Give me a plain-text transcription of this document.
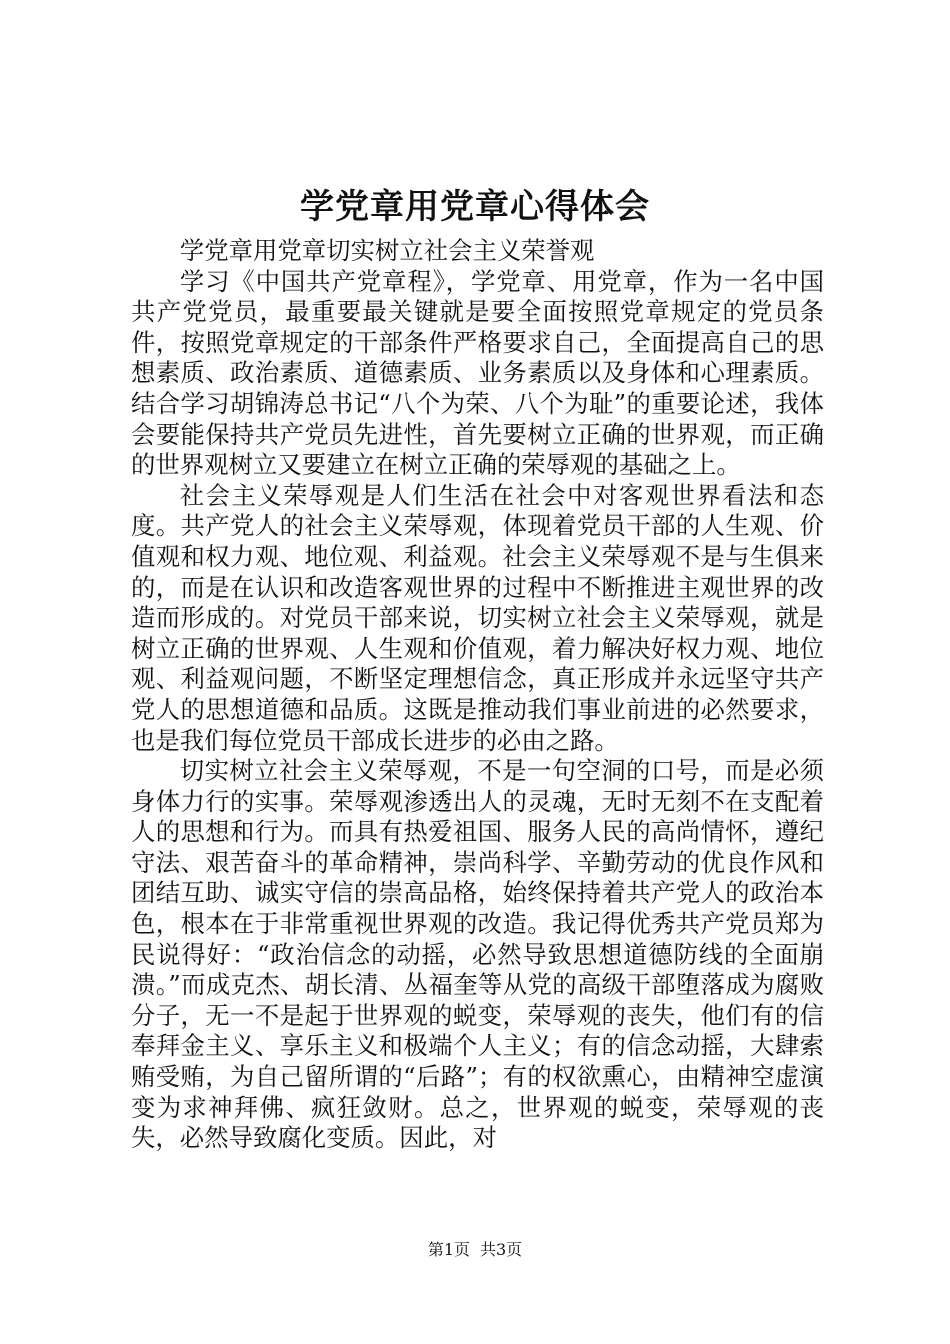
学党章用党章心得体会

学党章用党章切实树立社会主义荣誉观

学习《中国共产党章程》，学党章、用党章，作为一名中国共产党党员，最重要最关键就是要全面按照党章规定的党员条件，按照党章规定的干部条件严格要求自己，全面提高自己的思想素质、政治素质、道德素质、业务素质以及身体和心理素质。结合学习胡锦涛总书记“八个为荣、八个为耻”的重要论述，我体会要能保持共产党员先进性，首先要树立正确的世界观，而正确的世界观树立又要建立在树立正确的荣辱观的基础之上。

社会主义荣辱观是人们生活在社会中对客观世界看法和态度。共产党人的社会主义荣辱观，体现着党员干部的人生观、价值观和权力观、地位观、利益观。社会主义荣辱观不是与生俱来的，而是在认识和改造客观世界的过程中不断推进主观世界的改造而形成的。对党员干部来说，切实树立社会主义荣辱观，就是树立正确的世界观、人生观和价值观，着力解决好权力观、地位观、利益观问题，不断坚定理想信念，真正形成并永远坚守共产党人的思想道德和品质。这既是推动我们事业前进的必然要求，也是我们每位党员干部成长进步的必由之路。

切实树立社会主义荣辱观，不是一句空洞的口号，而是必须身体力行的实事。荣辱观渗透出人的灵魂，无时无刻不在支配着人的思想和行为。而具有热爱祖国、服务人民的高尚情怀，遵纪守法、艰苦奋斗的革命精神，崇尚科学、辛勤劳动的优良作风和团结互助、诚实守信的崇高品格，始终保持着共产党人的政治本色，根本在于非常重视世界观的改造。我记得优秀共产党员郑为民说得好：“政治信念的动摇，必然导致思想道德防线的全面崩溃。”而成克杰、胡长清、丛福奎等从党的高级干部堕落成为腐败分子，无一不是起于世界观的蜕变，荣辱观的丧失，他们有的信奉拜金主义、享乐主义和极端个人主义；有的信念动摇，大肆索贿受贿，为自己留所谓的“后路”；有的权欲熏心，由精神空虚演变为求神拜佛、疯狂敛财。总之，世界观的蜕变，荣辱观的丧失，必然导致腐化变质。因此，对

第1页 共3页
